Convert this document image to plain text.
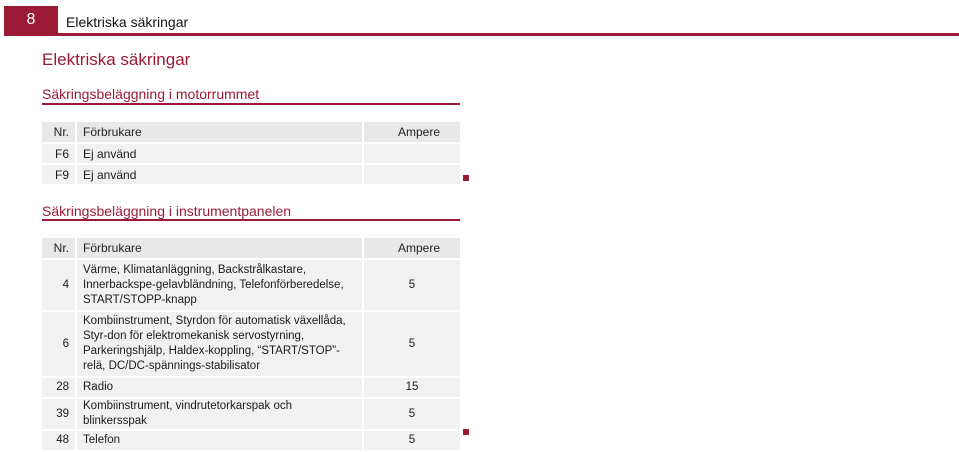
8	Elektriska säkringar
Elektriska säkringar
Säkringsbeläggning i motorrummet
Nr.	Förbrukare	Ampere
F6	Ej använd	
F9	Ej använd	
Säkringsbeläggning i instrumentpanelen
Nr.	Förbrukare	Ampere
4	Värme, Klimatanläggning, Backstrålkastare, Innerbackspe-gelavbländning, Telefonförberedelse, START/STOPP-knapp	5
6	Kombiinstrument, Styrdon för automatisk växellåda, Styr-don för elektromekanisk servostyrning, Parkeringshjälp, Haldex-koppling, “START/STOP”-relä, DC/DC-spännings-stabilisator	5
28	Radio	15
39	Kombiinstrument, vindrutetorkarspak och blinkersspak	5
48	Telefon	5
